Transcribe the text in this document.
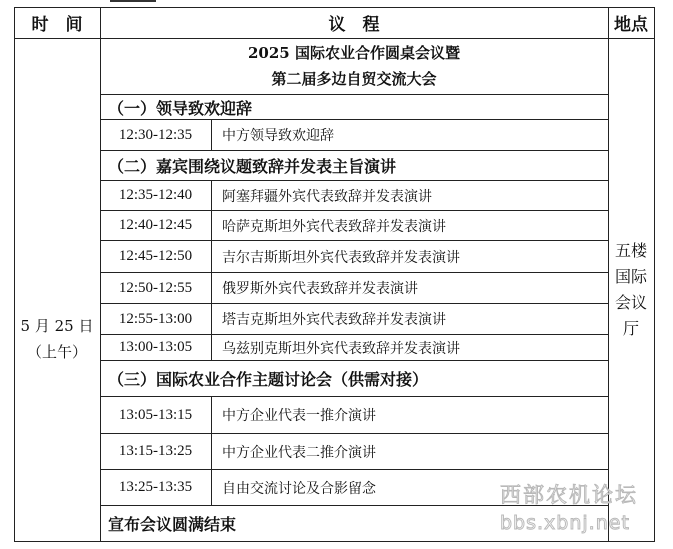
时　间	议　程	地点
2025 国际农业合作圆桌会议暨
第二届多边自贸交流大会
5 月 25 日
（上午）
五楼
国际
会议
厅
（一）领导致欢迎辞
12:30-12:35 中方领导致欢迎辞
（二）嘉宾围绕议题致辞并发表主旨演讲
12:35-12:40 阿塞拜疆外宾代表致辞并发表演讲
12:40-12:45 哈萨克斯坦外宾代表致辞并发表演讲
12:45-12:50 吉尔吉斯斯坦外宾代表致辞并发表演讲
12:50-12:55 俄罗斯外宾代表致辞并发表演讲
12:55-13:00 塔吉克斯坦外宾代表致辞并发表演讲
13:00-13:05 乌兹别克斯坦外宾代表致辞并发表演讲
（三）国际农业合作主题讨论会（供需对接）
13:05-13:15 中方企业代表一推介演讲
13:15-13:25 中方企业代表二推介演讲
13:25-13:35 自由交流讨论及合影留念
宣布会议圆满结束
西部农机论坛
bbs.xbnj.net
